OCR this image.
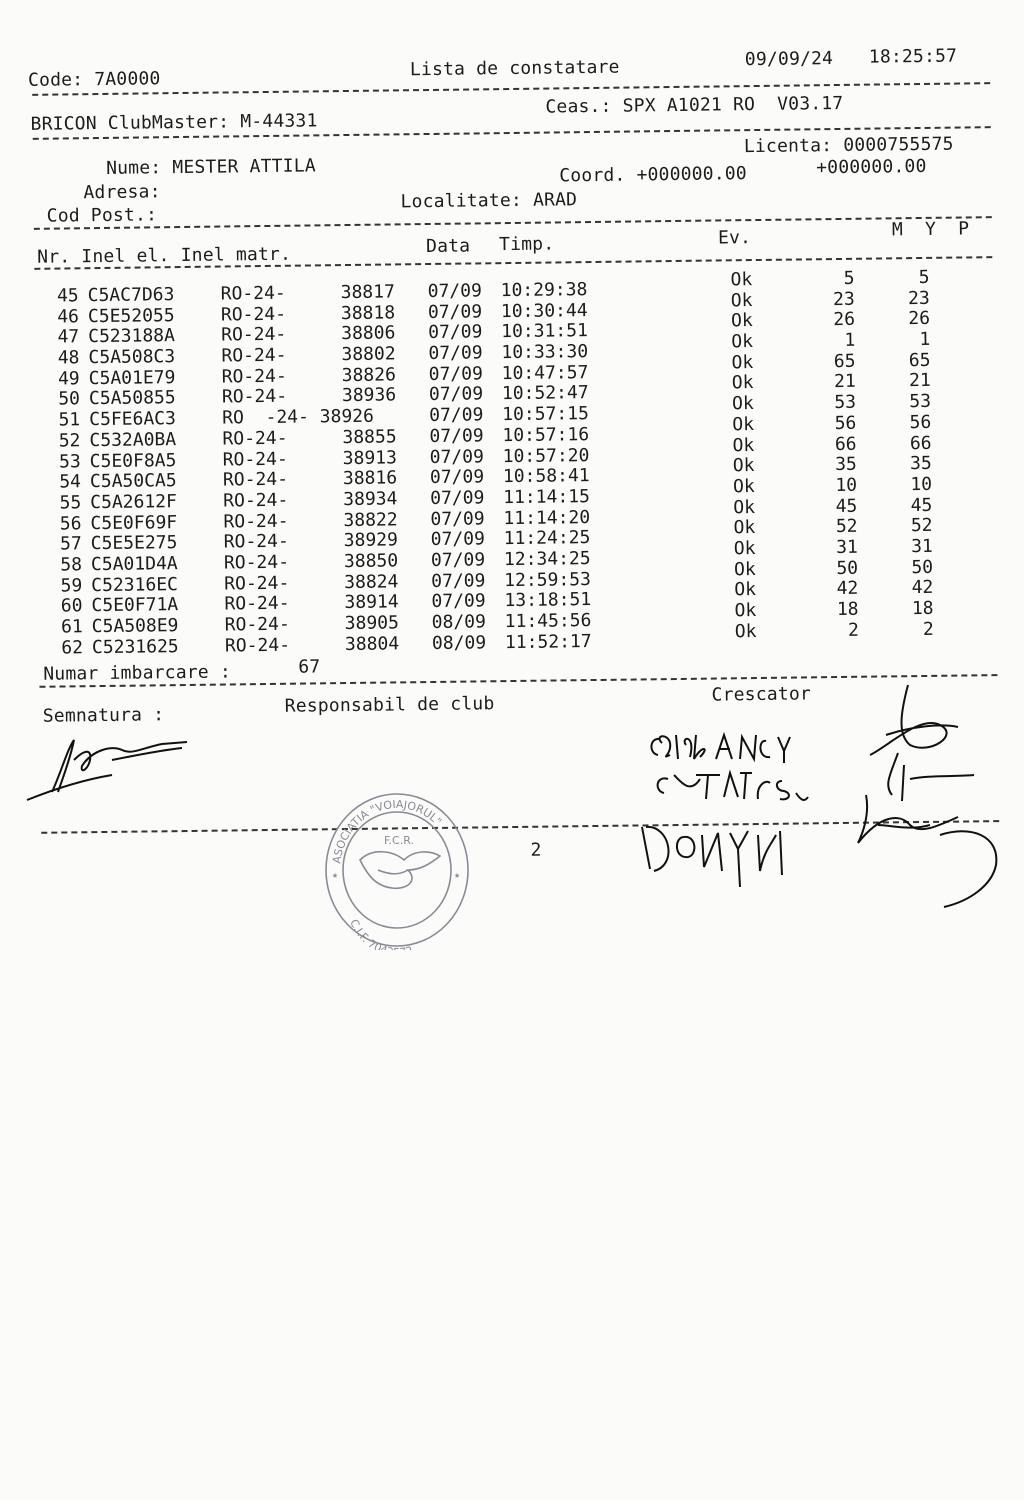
Code: 7A0000	Lista de constatare	09/09/24 18:25:57
BRICON ClubMaster: M-44331
Ceas.: SPX A1021 RO  V03.17
Licenta: 0000755575
Nume: MESTER ATTILA	Coord. +000000.00	+000000.00
Adresa:
Cod Post.:
Localitate: ARAD
Nr. Inel el. Inel matr.	Data Timp.	Ev.	M  Y  P
45 C5AC7D63	RO-24-	38817 07/09 10:29:38	Ok	5	5
46 C5E52055	RO-24-	38818 07/09 10:30:44	Ok	23	23
47 C523188A	RO-24-	38806 07/09 10:31:51	Ok	26	26
48 C5A508C3	RO-24-	38802 07/09 10:33:30	Ok	1	1
49 C5A01E79	RO-24-	38826 07/09 10:47:57	Ok	65	65
50 C5A50855	RO-24-	38936 07/09 10:52:47	Ok	21	21
51 C5FE6AC3	RO  -24- 38926	07/09 10:57:15	Ok	53	53
52 C532A0BA	RO-24-	38855 07/09 10:57:16	Ok	56	56
53 C5E0F8A5	RO-24-	38913 07/09 10:57:20	Ok	66	66
54 C5A50CA5	RO-24-	38816 07/09 10:58:41	Ok	35	35
55 C5A2612F	RO-24-	38934 07/09 11:14:15	Ok	10	10
56 C5E0F69F	RO-24-	38822 07/09 11:14:20	Ok	45	45
57 C5E5E275	RO-24-	38929 07/09 11:24:25	Ok	52	52
58 C5A01D4A	RO-24-	38850 07/09 12:34:25	Ok	31	31
59 C52316EC	RO-24-	38824 07/09 12:59:53	Ok	50	50
60 C5E0F71A	RO-24-	38914 07/09 13:18:51	Ok	42	42
61 C5A508E9	RO-24-	38905 08/09 11:45:56	Ok	18	18
62 C5231625	RO-24-	38804 08/09 11:52:17	Ok	2	2
Numar imbarcare :	67
Semnatura :	Responsabil de club	Crescator
2
ASOCIATIA "VOIAJORUL"
F.C.R.
C.I.F. 70
★	★
